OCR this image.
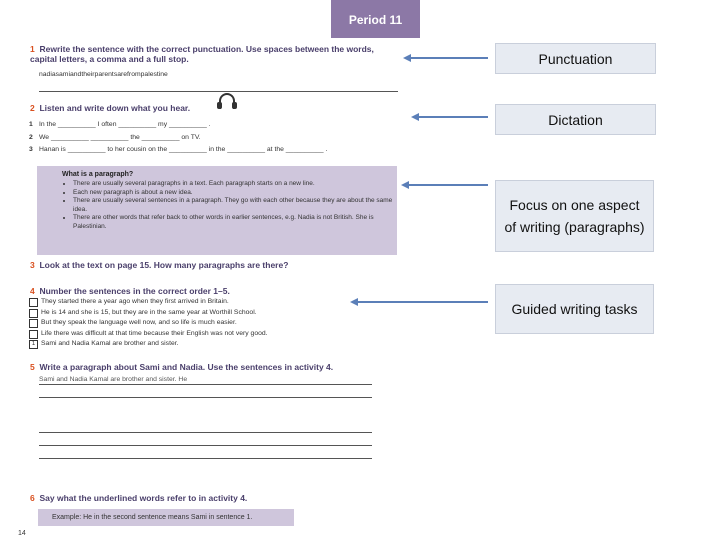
Period 11
1 Rewrite the sentence with the correct punctuation. Use spaces between the words, capital letters, a comma and a full stop.
nadiasamiandtheirparentsarefrompalestine
2 Listen and write down what you hear.
1 In the __________ I often __________ my __________ .
2 We __________ __________ the __________ on TV.
3 Hanan is __________ to her cousin on the __________ in the __________ at the __________ .
What is a paragraph?
• There are usually several paragraphs in a text. Each paragraph starts on a new line.
• Each new paragraph is about a new idea.
• There are usually several sentences in a paragraph. They go with each other because they are about the same idea.
• There are other words that refer back to other words in earlier sentences, e.g. Nadia is not British. She is Palestinian.
3 Look at the text on page 15. How many paragraphs are there?
4 Number the sentences in the correct order 1–5.
They started there a year ago when they first arrived in Britain.
He is 14 and she is 15, but they are in the same year at Worthill School.
But they speak the language well now, and so life is much easier.
Life there was difficult at that time because their English was not very good.
1 Sami and Nadia Kamal are brother and sister.
5 Write a paragraph about Sami and Nadia. Use the sentences in activity 4.
Sami and Nadia Kamal are brother and sister. He
6 Say what the underlined words refer to in activity 4.
Example: He in the second sentence means Sami in sentence 1.
14
Punctuation
Dictation
Focus on one aspect of writing (paragraphs)
Guided writing tasks
